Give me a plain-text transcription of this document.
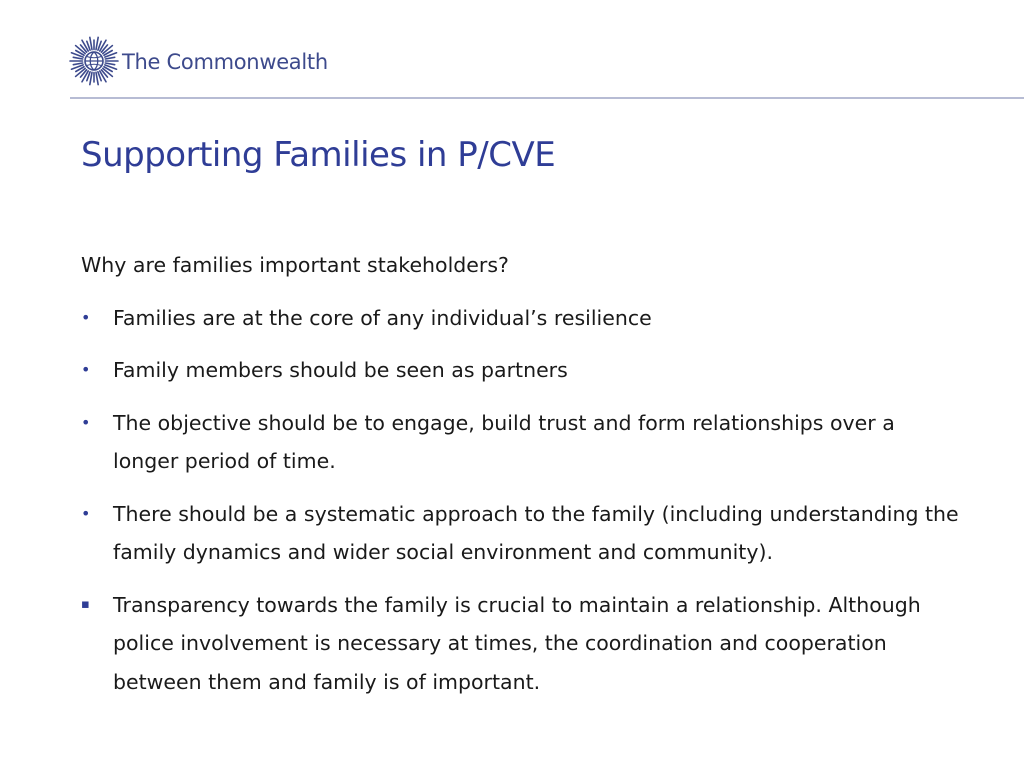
The Commonwealth
Supporting Families in P/CVE

Why are families important stakeholders?

• Families are at the core of any individual’s resilience
• Family members should be seen as partners
• The objective should be to engage, build trust and form relationships over a longer period of time.
• There should be a systematic approach to the family (including understanding the family dynamics and wider social environment and community).
▪ Transparency towards the family is crucial to maintain a relationship. Although police involvement is necessary at times, the coordination and cooperation between them and family is of important.
